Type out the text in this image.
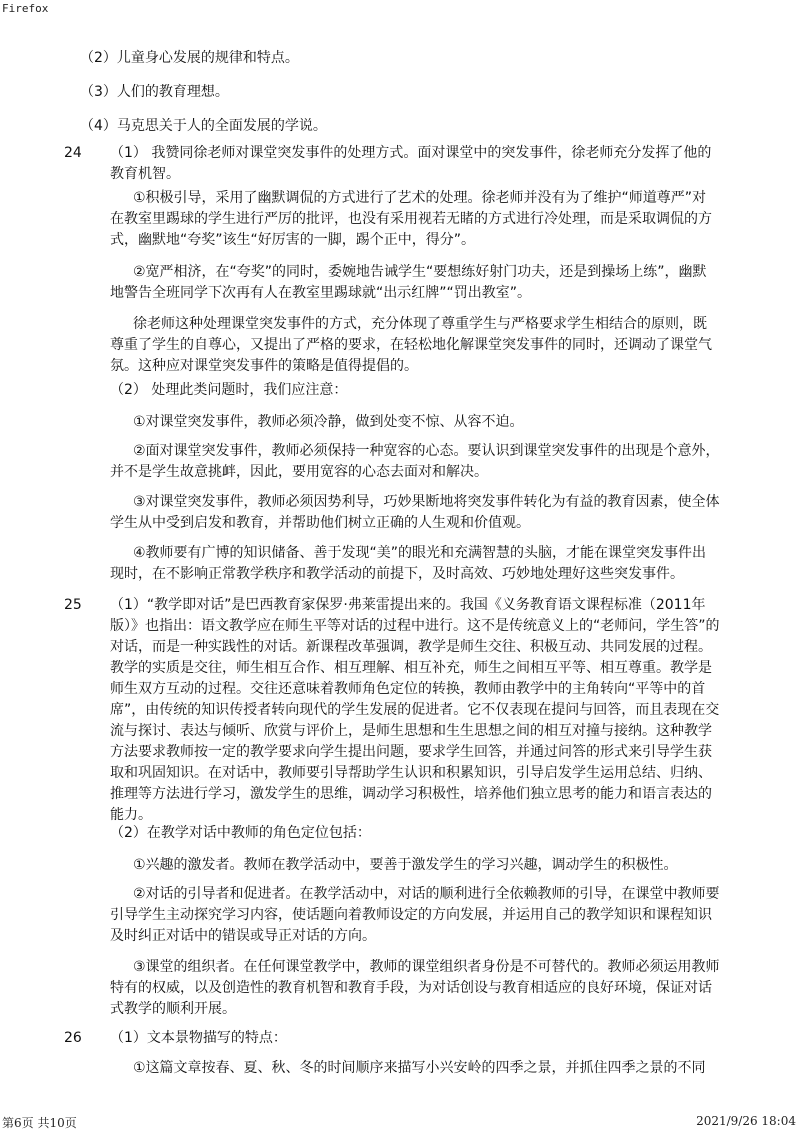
Firefox

（2）儿童身心发展的规律和特点。

（3）人们的教育理想。

（4）马克思关于人的全面发展的学说。

24 （1） 我赞同徐老师对课堂突发事件的处理方式。面对课堂中的突发事件，徐老师充分发挥了他的教育机智。

①积极引导，采用了幽默调侃的方式进行了艺术的处理。徐老师并没有为了维护“师道尊严”对在教室里踢球的学生进行严厉的批评，也没有采用视若无睹的方式进行冷处理，而是采取调侃的方式，幽默地“夸奖”该生“好厉害的一脚，踢个正中，得分”。

②宽严相济，在“夸奖”的同时，委婉地告诫学生“要想练好射门功夫，还是到操场上练”，幽默地警告全班同学下次再有人在教室里踢球就“出示红牌”“罚出教室”。

徐老师这种处理课堂突发事件的方式，充分体现了尊重学生与严格要求学生相结合的原则，既尊重了学生的自尊心，又提出了严格的要求，在轻松地化解课堂突发事件的同时，还调动了课堂气氛。这种应对课堂突发事件的策略是值得提倡的。

（2） 处理此类问题时，我们应注意：

①对课堂突发事件，教师必须冷静，做到处变不惊、从容不迫。

②面对课堂突发事件，教师必须保持一种宽容的心态。要认识到课堂突发事件的出现是个意外，并不是学生故意挑衅，因此，要用宽容的心态去面对和解决。

③对课堂突发事件，教师必须因势利导，巧妙果断地将突发事件转化为有益的教育因素，使全体学生从中受到启发和教育，并帮助他们树立正确的人生观和价值观。

④教师要有广博的知识储备、善于发现“美”的眼光和充满智慧的头脑，才能在课堂突发事件出现时，在不影响正常教学秩序和教学活动的前提下，及时高效、巧妙地处理好这些突发事件。

25 （1）“教学即对话”是巴西教育家保罗·弗莱雷提出来的。我国《义务教育语文课程标准（2011年版）》也指出：语文教学应在师生平等对话的过程中进行。这不是传统意义上的“老师问，学生答”的对话，而是一种实践性的对话。新课程改革强调，教学是师生交往、积极互动、共同发展的过程。教学的实质是交往，师生相互合作、相互理解、相互补充，师生之间相互平等、相互尊重。教学是师生双方互动的过程。交往还意味着教师角色定位的转换，教师由教学中的主角转向“平等中的首席”，由传统的知识传授者转向现代的学生发展的促进者。它不仅表现在提问与回答，而且表现在交流与探讨、表达与倾听、欣赏与评价上，是师生思想和生生思想之间的相互对撞与接纳。这种教学方法要求教师按一定的教学要求向学生提出问题，要求学生回答，并通过问答的形式来引导学生获取和巩固知识。在对话中，教师要引导帮助学生认识和积累知识，引导启发学生运用总结、归纳、推理等方法进行学习，激发学生的思维，调动学习积极性，培养他们独立思考的能力和语言表达的能力。

（2）在教学对话中教师的角色定位包括：

①兴趣的激发者。教师在教学活动中，要善于激发学生的学习兴趣，调动学生的积极性。

②对话的引导者和促进者。在教学活动中，对话的顺利进行全依赖教师的引导，在课堂中教师要引导学生主动探究学习内容，使话题向着教师设定的方向发展，并运用自己的教学知识和课程知识及时纠正对话中的错误或导正对话的方向。

③课堂的组织者。在任何课堂教学中，教师的课堂组织者身份是不可替代的。教师必须运用教师特有的权威，以及创造性的教育机智和教育手段，为对话创设与教育相适应的良好环境，保证对话式教学的顺利开展。

26 （1）文本景物描写的特点：

①这篇文章按春、夏、秋、冬的时间顺序来描写小兴安岭的四季之景，并抓住四季之景的不同

第6页 共10页	2021/9/26 18:04
